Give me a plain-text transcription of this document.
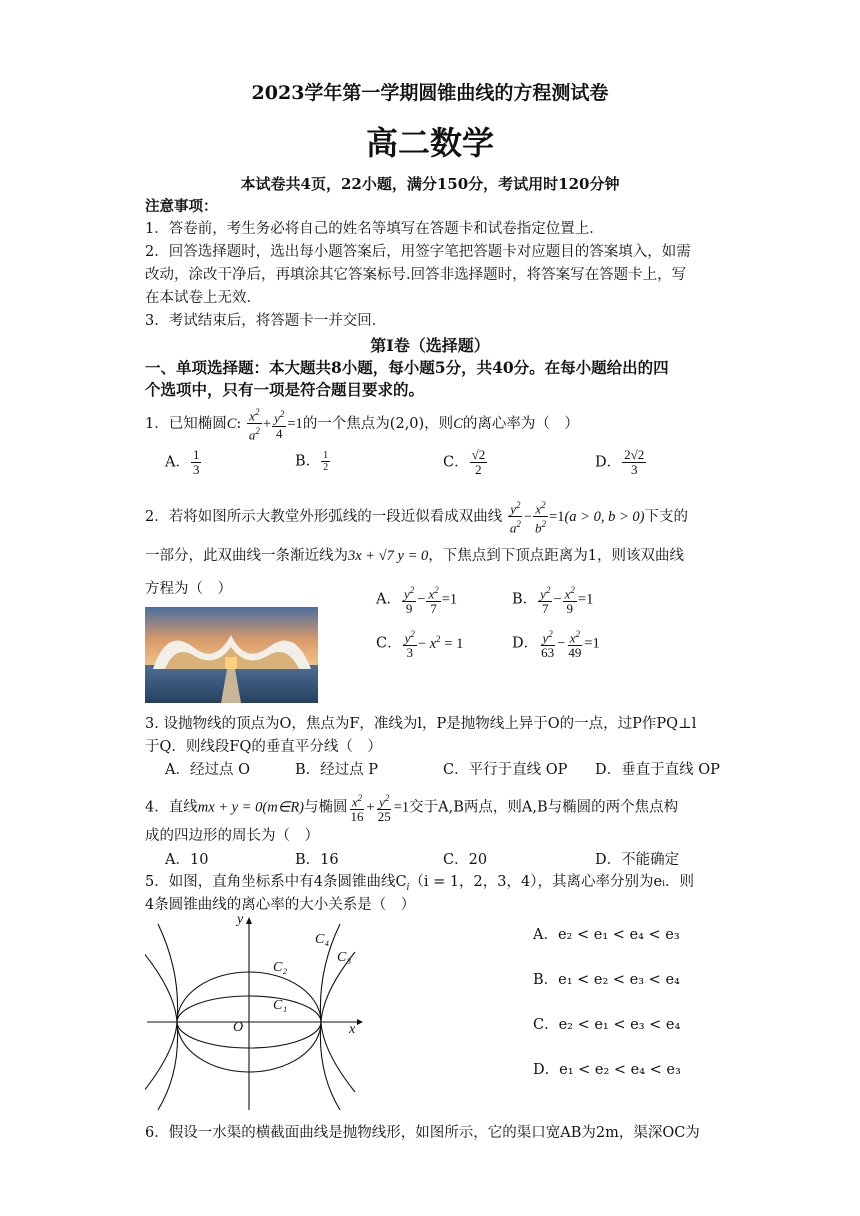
2023学年第一学期圆锥曲线的方程测试卷
高二数学
本试卷共4页，22小题，满分150分，考试用时120分钟
注意事项：
1．答卷前，考生务必将自己的姓名等填写在答题卡和试卷指定位置上．
2．回答选择题时，选出每小题答案后，用签字笔把答题卡对应题目的答案填入，如需
改动，涂改干净后，再填涂其它答案标号.回答非选择题时，将答案写在答题卡上，写
在本试卷上无效．
3．考试结束后，将答题卡一并交回．
第Ⅰ卷（选择题）
一、单项选择题：本大题共8小题，每小题5分，共40分。在每小题给出的四
个选项中，只有一项是符合题目要求的。
1．已知椭圆C: $\frac{x^2}{a^2} + \frac{y^2}{4} =1$的一个焦点为(2,0)，则C的离心率为（　）
A． $\frac{1}{3}$	B． $\frac{1}{2}$	C． $\frac{√2}{2}$	D． $\frac{2√2}{3}$
2．若将如图所示大教堂外形弧线的一段近似看成双曲线 $\frac{y^2}{a^2} - \frac{x^2}{b^2} =1(a > 0$, b > 0)下支的
一部分，此双曲线一条渐近线为3x + √7 y = 0，下焦点到下顶点距离为1，则该双曲线
方程为（　）
A． $\frac{y^2}{9} - \frac{x^2}{7} =1$	B． $\frac{y^2}{7} - \frac{x^2}{9} =1$
C． $\frac{y^2}{3} - x^2 = 1$	D． $\frac{y^2}{63} - \frac{x^2}{49} =1$
3. 设抛物线的顶点为O，焦点为F，准线为l，P是抛物线上异于O的一点，过P作PQ⊥l
于Q．则线段FQ的垂直平分线（　）
A．经过点 O	B．经过点 P	C．平行于直线 OP D．垂直于直线 OP
4．直线mx + y = 0(m∈R)与椭圆 $\frac{x^2}{16} + \frac{y^2}{25} =1$交于A,B两点，则A,B与椭圆的两个焦点构
成的四边形的周长为（　）
A．10	B．16	C．20	D．不能确定
5．如图，直角坐标系中有4条圆锥曲线$C_i(i = 1$，2，3，4），其离心率分别为eᵢ．则
4条圆锥曲线的离心率的大小关系是（　）
y
x
O
C₁
C₂
C₃
C₄	A．e₂ < e₁ < e₄ < e₃
B．e₁ < e₂ < e₃ < e₄
C．e₂ < e₁ < e₃ < e₄
D．e₁ < e₂ < e₄ < e₃
6．假设一水渠的横截面曲线是抛物线形，如图所示，它的渠口宽AB为2m，渠深OC为
